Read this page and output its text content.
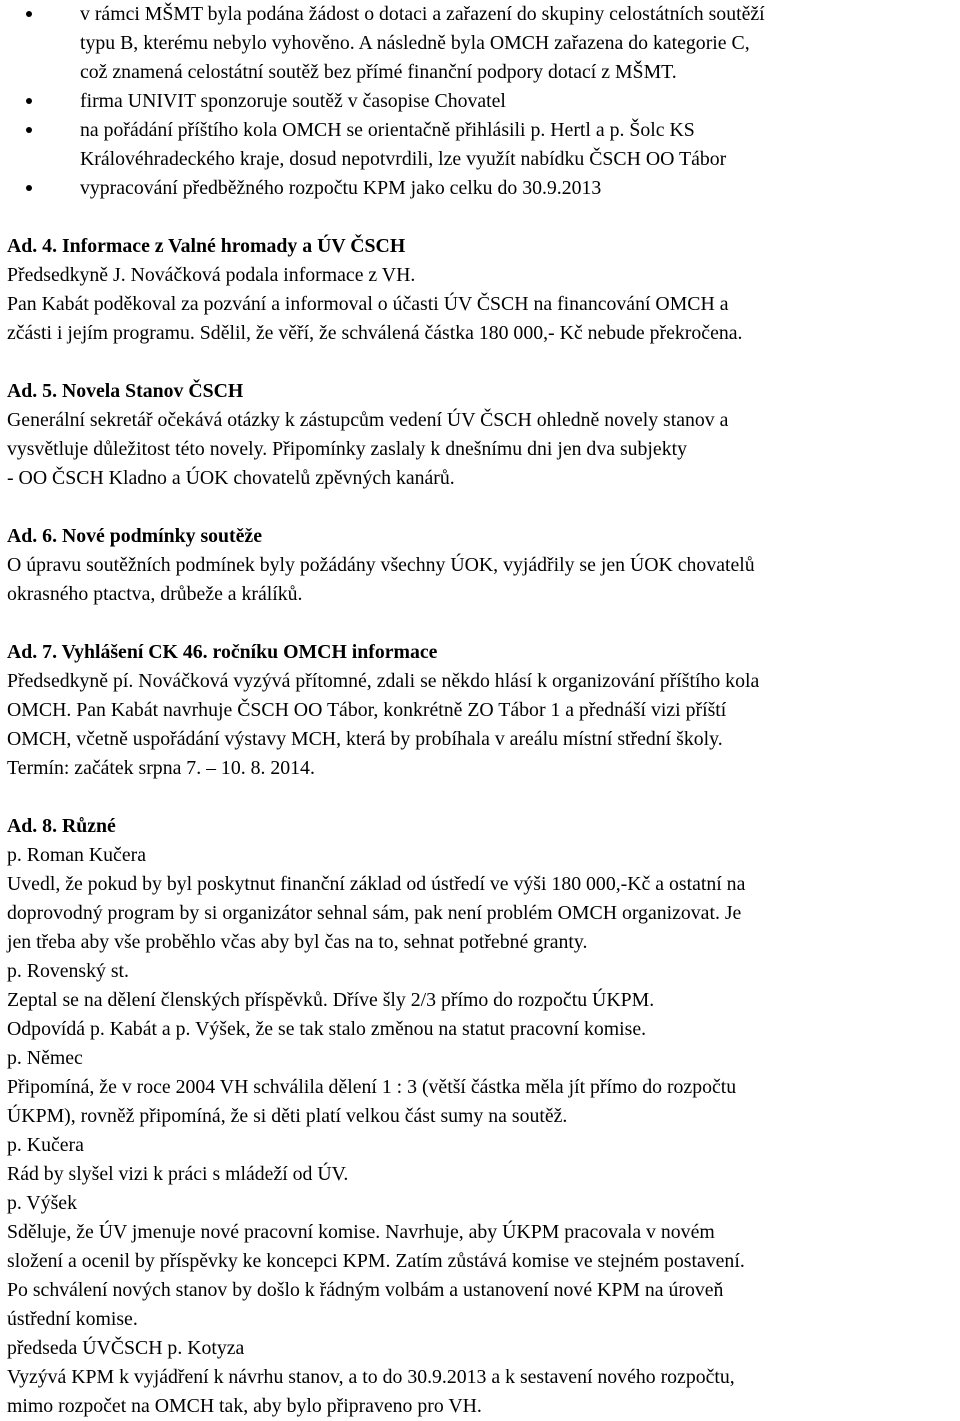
v rámci MŠMT byla podána žádost o dotaci a zařazení do skupiny celostátních soutěží
typu B, kterému nebylo vyhověno. A následně byla OMCH zařazena do kategorie C,
což znamená celostátní soutěž bez přímé finanční podpory dotací z MŠMT.
firma UNIVIT sponzoruje soutěž v časopise Chovatel
na pořádání příštího kola OMCH se orientačně přihlásili p. Hertl a p. Šolc KS
Královéhradeckého kraje, dosud nepotvrdili, lze využít nabídku ČSCH OO Tábor
vypracování předběžného rozpočtu KPM jako celku do 30.9.2013
Ad. 4. Informace z Valné hromady a ÚV ČSCH
Předsedkyně J. Nováčková podala informace z VH.
Pan Kabát poděkoval za pozvání a informoval o účasti ÚV ČSCH na financování OMCH a
zčásti i jejím programu. Sdělil, že věří, že schválená částka 180 000,- Kč nebude překročena.
Ad. 5. Novela Stanov ČSCH
Generální sekretář očekává otázky k zástupcům vedení ÚV ČSCH ohledně novely stanov a
vysvětluje důležitost této novely. Připomínky zaslaly k dnešnímu dni jen dva subjekty
- OO ČSCH Kladno a ÚOK chovatelů zpěvných kanárů.
Ad. 6. Nové podmínky soutěže
O úpravu soutěžních podmínek byly požádány všechny ÚOK, vyjádřily se jen ÚOK chovatelů
okrasného ptactva, drůbeže a králíků.
Ad. 7. Vyhlášení CK 46. ročníku OMCH informace
Předsedkyně pí. Nováčková vyzývá přítomné, zdali se někdo hlásí k organizování příštího kola
OMCH. Pan Kabát navrhuje ČSCH OO Tábor, konkrétně ZO Tábor 1 a přednáší vizi příští
OMCH, včetně uspořádání výstavy MCH, která by probíhala v areálu místní střední školy.
Termín: začátek srpna 7. – 10. 8. 2014.
Ad. 8. Různé
p. Roman Kučera
Uvedl, že pokud by byl poskytnut finanční základ od ústředí ve výši 180 000,-Kč a ostatní na
doprovodný program by si organizátor sehnal sám, pak není problém OMCH organizovat. Je
jen třeba aby vše proběhlo včas aby byl čas na to, sehnat potřebné granty.
p. Rovenský st.
Zeptal se na dělení členských příspěvků. Dříve šly 2/3 přímo do rozpočtu ÚKPM.
Odpovídá p. Kabát a p. Výšek, že se tak stalo změnou na statut pracovní komise.
p. Němec
Připomíná, že v roce 2004 VH schválila dělení 1 : 3 (větší částka měla jít přímo do rozpočtu
ÚKPM), rovněž připomíná, že si děti platí velkou část sumy na soutěž.
p. Kučera
Rád by slyšel vizi k práci s mládeží od ÚV.
p. Výšek
Sděluje, že ÚV jmenuje nové pracovní komise. Navrhuje, aby ÚKPM pracovala v novém
složení a ocenil by příspěvky ke koncepci KPM. Zatím zůstává komise ve stejném postavení.
Po schválení nových stanov by došlo k řádným volbám a ustanovení nové KPM na úroveň
ústřední komise.
předseda ÚVČSCH p. Kotyza
Vyzývá KPM k vyjádření k návrhu stanov, a to do 30.9.2013 a k sestavení nového rozpočtu,
mimo rozpočet na OMCH tak, aby bylo připraveno pro VH.
